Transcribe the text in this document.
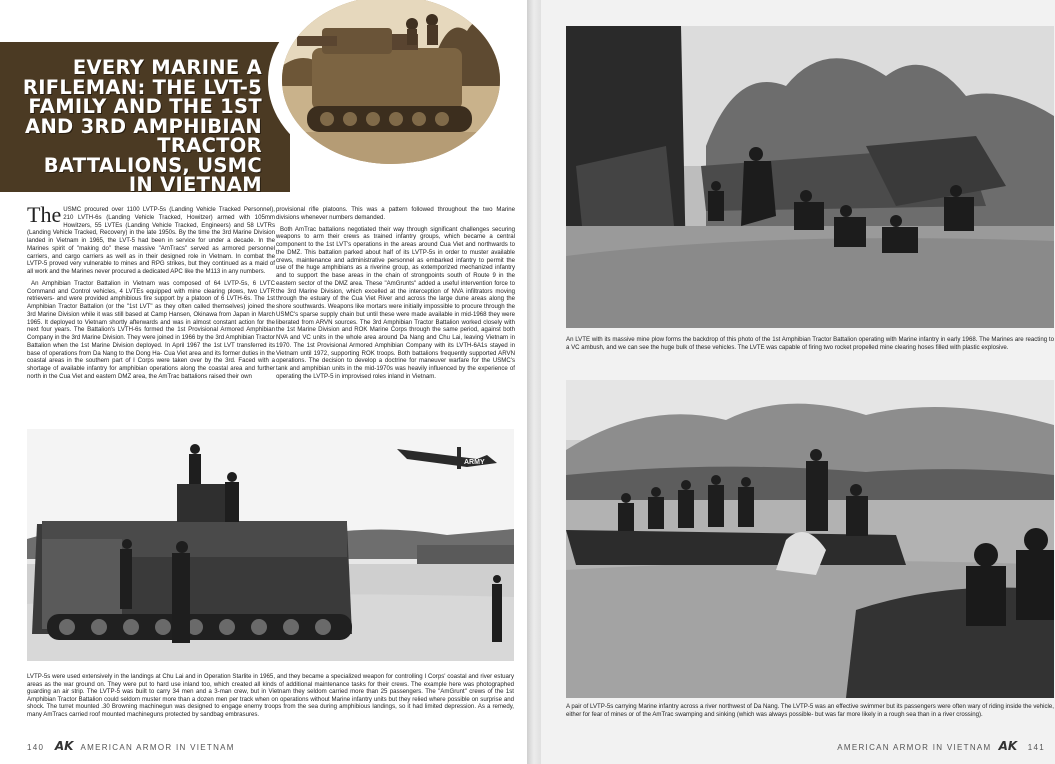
EVERY MARINE A RIFLEMAN: THE LVT-5 FAMILY AND THE 1ST AND 3RD AMPHIBIAN TRACTOR BATTALIONS, USMC IN VIETNAM

The USMC procured over 1100 LVTP-5s (Landing Vehicle Tracked Personnel), 210 LVTH-6s (Landing Vehicle Tracked, Howitzer) armed with 105mm Howitzers, 55 LVTEs (Landing Vehicle Tracked, Engineers) and 58 LVTRs (Landing Vehicle Tracked, Recovery) in the late 1950s. By the time the 3rd Marine Division landed in Vietnam in 1965, the LVT-5 had been in service for under a decade. In the Marines spirit of "making do" these massive "AmTracs" served as armored personnel carriers, and cargo carriers as well as in their designed role in Vietnam. In combat the LVTP-5 proved very vulnerable to mines and RPG strikes, but they continued as a maid of all work and the Marines never procured a dedicated APC like the M113 in any numbers.

An Amphibian Tractor Battalion in Vietnam was composed of 64 LVTP-5s, 6 LVTC Command and Control vehicles, 4 LVTEs equipped with mine clearing plows, two LVTR retrievers- and were provided amphibious fire support by a platoon of 6 LVTH-6s. The 1st Amphibian Tractor Battalion (or the "1st LVT" as they often called themselves) joined the 3rd Marine Division while it was still based at Camp Hansen, Okinawa from Japan in March 1965. It deployed to Vietnam shortly afterwards and was in almost constant action for the next four years. The Battalion's LVTH-6s formed the 1st Provisional Armored Amphibian Company in the 3rd Marine Division. They were joined in 1966 by the 3rd Amphibian Tractor Battalion when the 1st Marine Division deployed. In April 1967 the 1st LVT transferred its base of operations from Da Nang to the Dong Ha- Cua Viet area and its former duties in the coastal areas in the southern part of I Corps were taken over by the 3rd. Faced with a shortage of available infantry for amphibian operations along the coastal area and further north in the Cua Viet and eastern DMZ area, the AmTrac battalions raised their own

provisional rifle platoons. This was a pattern followed throughout the two Marine divisions whenever numbers demanded.

Both AmTrac battalions negotiated their way through significant challenges securing weapons to arm their crews as trained infantry groups, which became a central component to the 1st LVT's operations in the areas around Cua Viet and northwards to the DMZ. This battalion parked about half of its LVTP-5s in order to muster available crews, maintenance and administrative personnel as embarked infantry to permit the use of the huge amphibians as a riverine group, as extemporized mechanized infantry and to support the base areas in the chain of strongpoints south of Route 9 in the eastern sector of the DMZ area. These "AmGrunts" added a useful intervention force to the 3rd Marine Division, which excelled at the interception of NVA infiltrators moving through the estuary of the Cua Viet River and across the large dune areas along the shore southwards. Weapons like mortars were initially impossible to procure through the USMC's sparse supply chain but until these were made available in mid-1968 they were liberated from ARVN sources. The 3rd Amphibian Tractor Battalion worked closely with the 1st Marine Division and ROK Marine Corps through the same period, against both NVA and VC units in the whole area around Da Nang and Chu Lai, leaving Vietnam in 1970. The 1st Provisional Armored Amphibian Company with its LVTH-6A1s stayed in Vietnam until 1972, supporting ROK troops. Both battalions frequently supported ARVN operations. The decision to develop a doctrine for maneuver warfare for the USMC's tank and amphibian units in the mid-1970s was heavily influenced by the experience of operating the LVTP-5 in improvised roles inland in Vietnam.

ARMY
LVTP-5s were used extensively in the landings at Chu Lai and in Operation Starlite in 1965, and they became a specialized weapon for controlling I Corps' coastal and river estuary areas as the war ground on. They were put to hard use inland too, which created all kinds of additional maintenance tasks for their crews. The example here was photographed guarding an air strip. The LVTP-5 was built to carry 34 men and a 3-man crew, but in Vietnam they seldom carried more than 25 passengers. The "AmGrunt" crews of the 1st Amphibian Tractor Battalion could seldom muster more than a dozen men per track when on operations without Marine infantry units but they relied where possible on surprise and shock. The turret mounted .30 Browning machinegun was designed to engage enemy troops from the sea during amphibious landings, so it had limited depression. As a remedy, many AmTracs carried roof mounted machineguns protected by sandbag embrasures.
140 AK AMERICAN ARMOR IN VIETNAM
An LVTE with its massive mine plow forms the backdrop of this photo of the 1st Amphibian Tractor Battalion operating with Marine infantry in early 1968. The Marines are reacting to a VC ambush, and we can see the huge bulk of these vehicles. The LVTE was capable of firing two rocket propelled mine clearing hoses filled with plastic explosive.
A pair of LVTP-5s carrying Marine infantry across a river northwest of Da Nang. The LVTP-5 was an effective swimmer but its passengers were often wary of riding inside the vehicle, either for fear of mines or of the AmTrac swamping and sinking (which was always possible- but was far more likely in a rough sea than in a river crossing).
AMERICAN ARMOR IN VIETNAM AK 141
